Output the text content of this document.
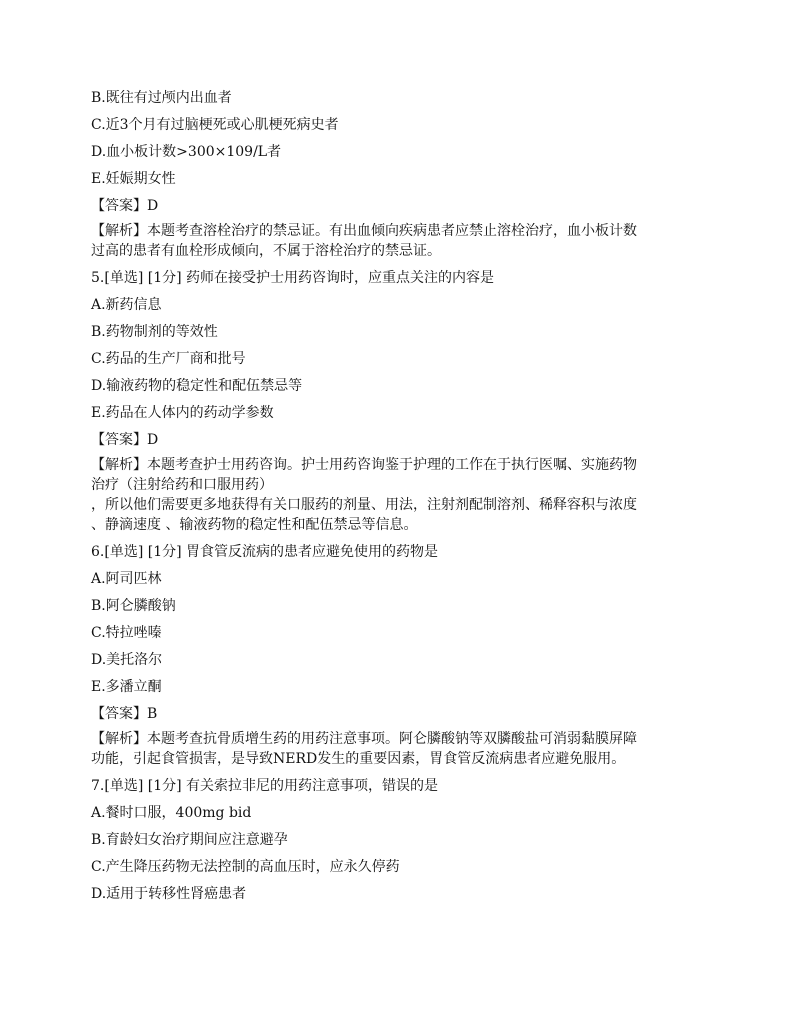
B.既往有过颅内出血者
C.近3个月有过脑梗死或心肌梗死病史者
D.血小板计数>300×109/L者
E.妊娠期女性
【答案】D
【解析】本题考查溶栓治疗的禁忌证。有出血倾向疾病患者应禁止溶栓治疗，血小板计数
过高的患者有血栓形成倾向，不属于溶栓治疗的禁忌证。
5.[单选] [1分] 药师在接受护士用药咨询时，应重点关注的内容是
A.新药信息
B.药物制剂的等效性
C.药品的生产厂商和批号
D.输液药物的稳定性和配伍禁忌等
E.药品在人体内的药动学参数
【答案】D
【解析】本题考查护士用药咨询。护士用药咨询鉴于护理的工作在于执行医嘱、实施药物
治疗（注射给药和口服用药）
，所以他们需要更多地获得有关口服药的剂量、用法，注射剂配制溶剂、稀释容积与浓度
、静滴速度 、输液药物的稳定性和配伍禁忌等信息。
6.[单选] [1分] 胃食管反流病的患者应避免使用的药物是
A.阿司匹林
B.阿仑膦酸钠
C.特拉唑嗪
D.美托洛尔
E.多潘立酮
【答案】B
【解析】本题考查抗骨质增生药的用药注意事项。阿仑膦酸钠等双膦酸盐可消弱黏膜屏障
功能，引起食管损害，是导致NERD发生的重要因素，胃食管反流病患者应避免服用。
7.[单选] [1分] 有关索拉非尼的用药注意事项，错误的是
A.餐时口服，400mg bid
B.育龄妇女治疗期间应注意避孕
C.产生降压药物无法控制的高血压时，应永久停药
D.适用于转移性肾癌患者
